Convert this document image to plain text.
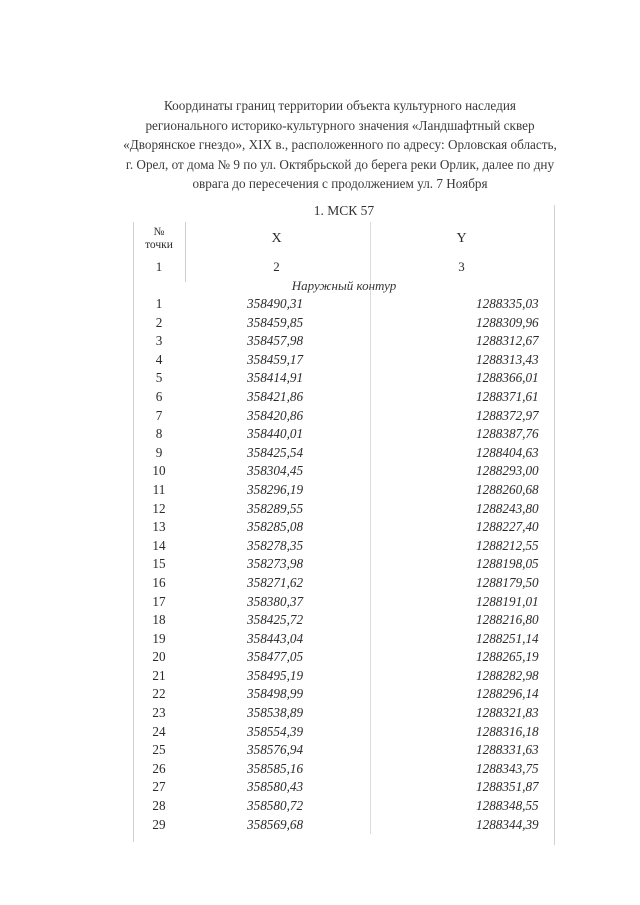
Координаты границ территории объекта культурного наследия
регионального историко-культурного значения «Ландшафтный сквер
«Дворянское гнездо», XIX в., расположенного по адресу: Орловская область,
г. Орел, от дома № 9 по ул. Октябрьской до берега реки Орлик, далее по дну
оврага до пересечения с продолжением ул. 7 Ноября
1. МСК 57
№
точки	X	Y
1	2	3
Наружный контур
1	358490,31	1288335,03
2	358459,85	1288309,96
3	358457,98	1288312,67
4	358459,17	1288313,43
5	358414,91	1288366,01
6	358421,86	1288371,61
7	358420,86	1288372,97
8	358440,01	1288387,76
9	358425,54	1288404,63
10	358304,45	1288293,00
11	358296,19	1288260,68
12	358289,55	1288243,80
13	358285,08	1288227,40
14	358278,35	1288212,55
15	358273,98	1288198,05
16	358271,62	1288179,50
17	358380,37	1288191,01
18	358425,72	1288216,80
19	358443,04	1288251,14
20	358477,05	1288265,19
21	358495,19	1288282,98
22	358498,99	1288296,14
23	358538,89	1288321,83
24	358554,39	1288316,18
25	358576,94	1288331,63
26	358585,16	1288343,75
27	358580,43	1288351,87
28	358580,72	1288348,55
29	358569,68	1288344,39
